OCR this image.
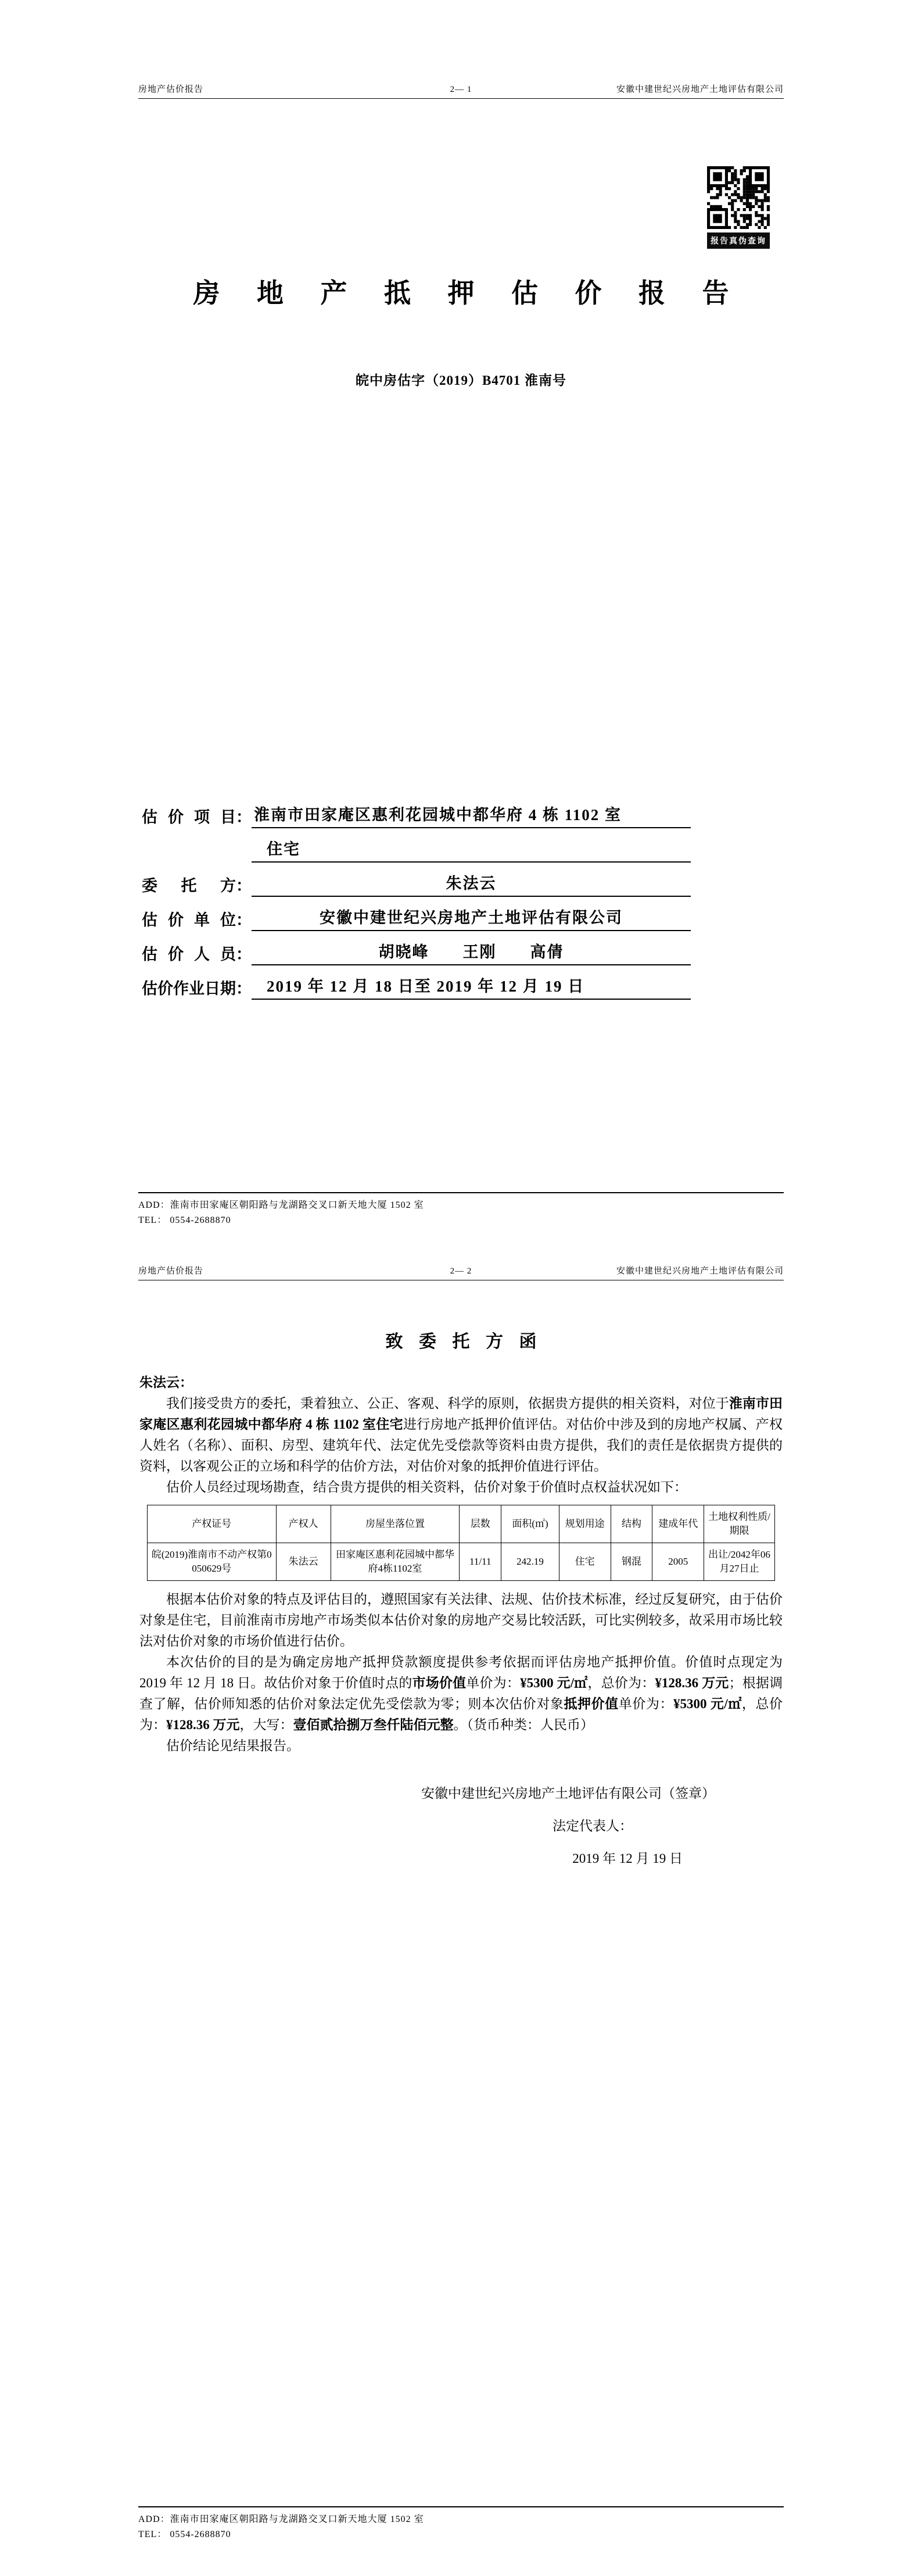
房地产估价报告	2— 1	安徽中建世纪兴房地产土地评估有限公司
报告真伪查询
房 地 产 抵 押 估 价 报 告
皖中房估字（2019）B4701 淮南号
估价项目 ： 淮南市田家庵区惠利花园城中都华府 4 栋 1102 室
住宅
委托方 ：	朱法云
估价单位 ：	安徽中建世纪兴房地产土地评估有限公司
估价人员 ：	胡晓峰　　王刚　　高倩
估价作业日期 ： 2019 年 12 月 18 日至 2019 年 12 月 19 日
ADD：淮南市田家庵区朝阳路与龙湖路交叉口新天地大厦 1502 室
TEL： 0554-2688870
房地产估价报告	2— 2	安徽中建世纪兴房地产土地评估有限公司
致 委 托 方 函
朱法云：

我们接受贵方的委托，秉着独立、公正、客观、科学的原则，依据贵方提供的相关资料，对位于淮南市田家庵区惠利花园城中都华府 4 栋 1102 室住宅进行房地产抵押价值评估。对估价中涉及到的房地产权属、产权人姓名（名称）、面积、房型、建筑年代、法定优先受偿款等资料由贵方提供，我们的责任是依据贵方提供的资料，以客观公正的立场和科学的估价方法，对估价对象的抵押价值进行评估。

估价人员经过现场勘查，结合贵方提供的相关资料，估价对象于价值时点权益状况如下：

产权证号	产权人	房屋坐落位置	层数	面积(㎡)	规划用途	结构	建成年代	土地权利性质/期限
皖(2019)淮南市不动产权第0050629号	朱法云	田家庵区惠利花园城中都华府4栋1102室	11/11	242.19	住宅	钢混	2005	出让/2042年06月27日止

根据本估价对象的特点及评估目的，遵照国家有关法律、法规、估价技术标准，经过反复研究，由于估价对象是住宅，目前淮南市房地产市场类似本估价对象的房地产交易比较活跃，可比实例较多，故采用市场比较法对估价对象的市场价值进行估价。

本次估价的目的是为确定房地产抵押贷款额度提供参考依据而评估房地产抵押价值。价值时点现定为 2019 年 12 月 18 日。故估价对象于价值时点的市场价值单价为：¥5300 元/㎡，总价为：¥128.36 万元；根据调查了解，估价师知悉的估价对象法定优先受偿款为零；则本次估价对象抵押价值单价为：¥5300 元/㎡，总价为：¥128.36 万元，大写：壹佰贰拾捌万叁仟陆佰元整。（货币种类：人民币）

估价结论见结果报告。

安徽中建世纪兴房地产土地评估有限公司（签章）
法定代表人：
2019 年 12 月 19 日
ADD：淮南市田家庵区朝阳路与龙湖路交叉口新天地大厦 1502 室
TEL： 0554-2688870
